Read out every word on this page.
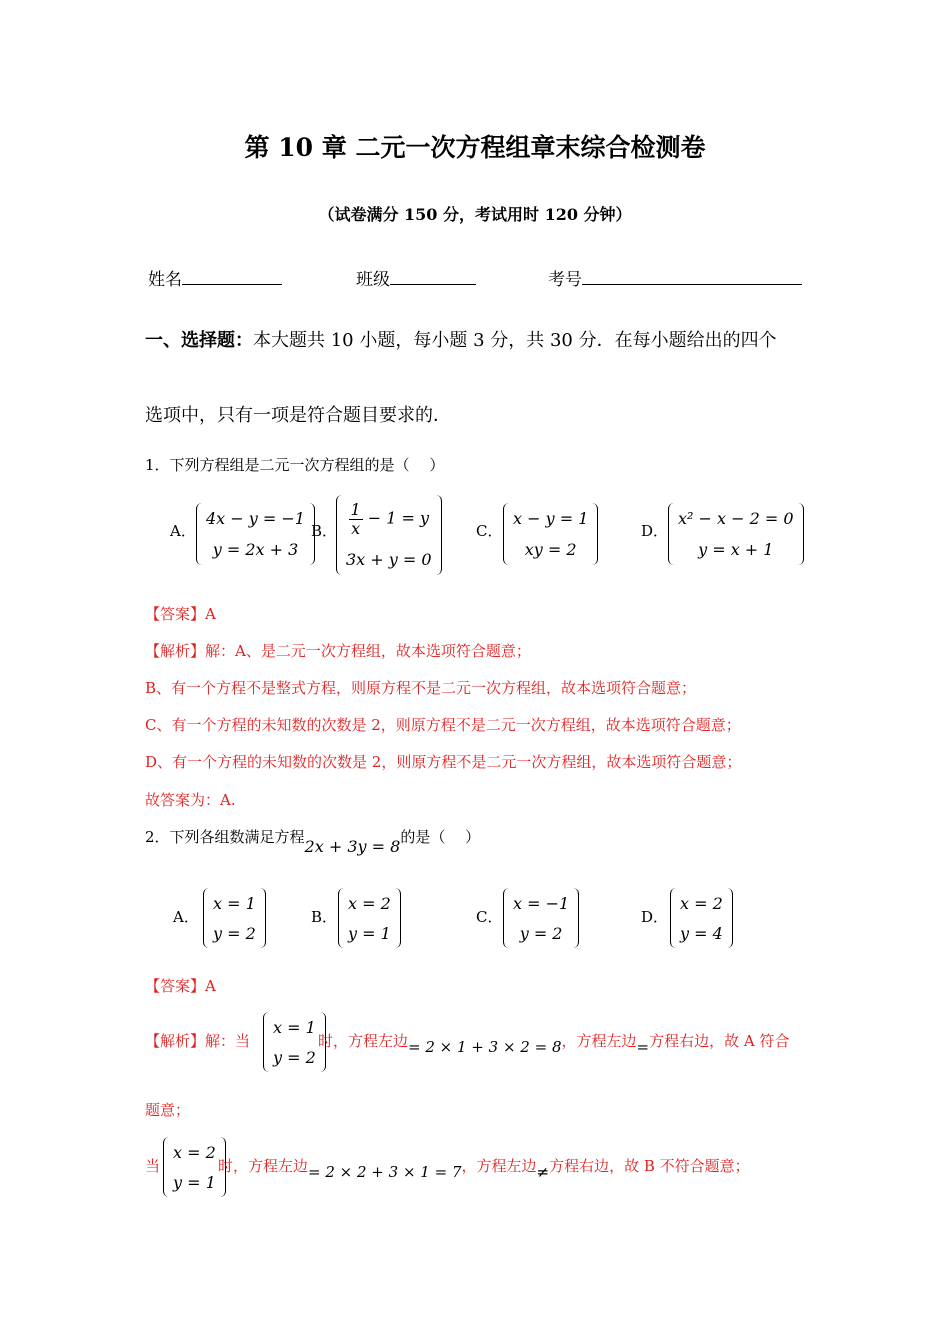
第 10 章 二元一次方程组章末综合检测卷
（试卷满分 150 分，考试用时 120 分钟）
姓名	班级	考号
一、选择题：本大题共 10 小题，每小题 3 分，共 30 分．在每小题给出的四个
选项中，只有一项是符合题目要求的．
1．下列方程组是二元一次方程组的是（　 ）
A．
4x − y = −1
y = 2x + 3
B． $\frac{1}{x} - 1 = y$
3x + y = 0
C．
x − y = 1
xy = 2
D．
x² − x − 2 = 0
y = x + 1
【答案】A
【解析】解：A、是二元一次方程组，故本选项符合题意；
B、有一个方程不是整式方程，则原方程不是二元一次方程组，故本选项符合题意；
C、有一个方程的未知数的次数是 2，则原方程不是二元一次方程组，故本选项符合题意；
D、有一个方程的未知数的次数是 2，则原方程不是二元一次方程组，故本选项符合题意；
故答案为：A.
2．下列各组数满足方程2x + 3y = 8的是（　 ）
A．
x = 1
y = 2
B．
x = 2
y = 1
C．
x = −1
y = 2
D．
x = 2
y = 4
【答案】A
【解析】解：当
x = 1
y = 2
时，方程左边= 2 × 1 + 3 × 2 = 8，方程左边=方程右边，故 A 符合
题意；
当
x = 2
y = 1
时，方程左边= 2 × 2 + 3 × 1 = 7，方程左边≠方程右边，故 B 不符合题意；
